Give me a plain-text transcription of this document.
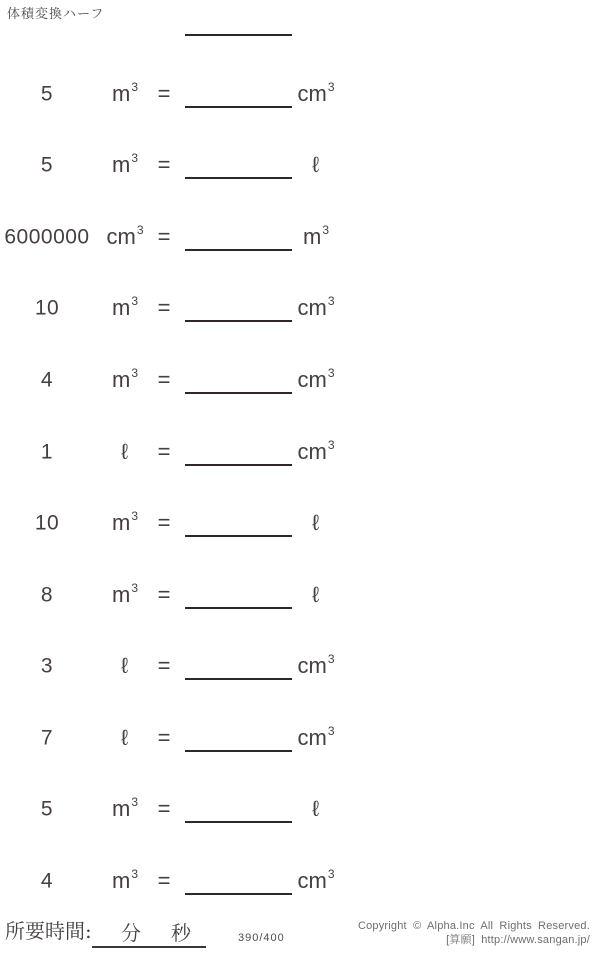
体積変換ハーフ
5	$m^3$ =	$cm^3$
5	$m^3$ =	ℓ
6000000 $cm^3$ =	$m^3$
10	$m^3$ =	$cm^3$
4	$m^3$ =	$cm^3$
1	ℓ	=	$cm^3$
10	$m^3$ =	ℓ
8	$m^3$ =	ℓ
3	ℓ	=	$cm^3$
7	ℓ	=	$cm^3$
5	$m^3$ =	ℓ
4	$m^3$ =	$cm^3$
所要時間: 分 秒	390/400
Copyright © Alpha.Inc All Rights Reserved.
[算願] http://www.sangan.jp/
